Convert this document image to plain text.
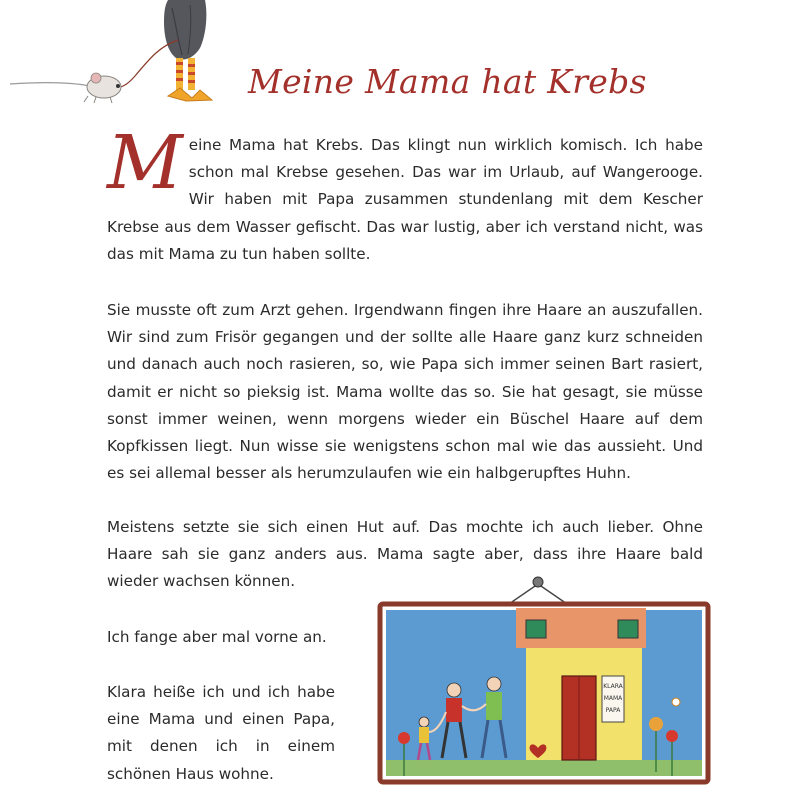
Meine Mama hat Krebs

Meine Mama hat Krebs. Das klingt nun wirklich komisch. Ich habe schon mal Krebse gesehen. Das war im Urlaub, auf Wangerooge. Wir haben mit Papa zusammen stundenlang mit dem Kescher Krebse aus dem Wasser gefischt. Das war lustig, aber ich verstand nicht, was das mit Mama zu tun haben sollte.

Sie musste oft zum Arzt gehen. Irgendwann fingen ihre Haare an auszufallen. Wir sind zum Frisör gegangen und der sollte alle Haare ganz kurz schneiden und danach auch noch rasieren, so, wie Papa sich immer seinen Bart rasiert, damit er nicht so pieksig ist. Mama wollte das so. Sie hat gesagt, sie müsse sonst immer weinen, wenn morgens wieder ein Büschel Haare auf dem Kopfkissen liegt. Nun wisse sie wenigstens schon mal wie das aussieht. Und es sei allemal besser als herumzulaufen wie ein halbgerupftes Huhn.

Meistens setzte sie sich einen Hut auf. Das mochte ich auch lieber. Ohne Haare sah sie ganz anders aus. Mama sagte aber, dass ihre Haare bald wieder wachsen können.

Ich fange aber mal vorne an.

Klara heiße ich und ich habe eine Mama und einen Papa, mit denen ich in einem schönen Haus wohne.

KLARA
MAMA
PAPA
